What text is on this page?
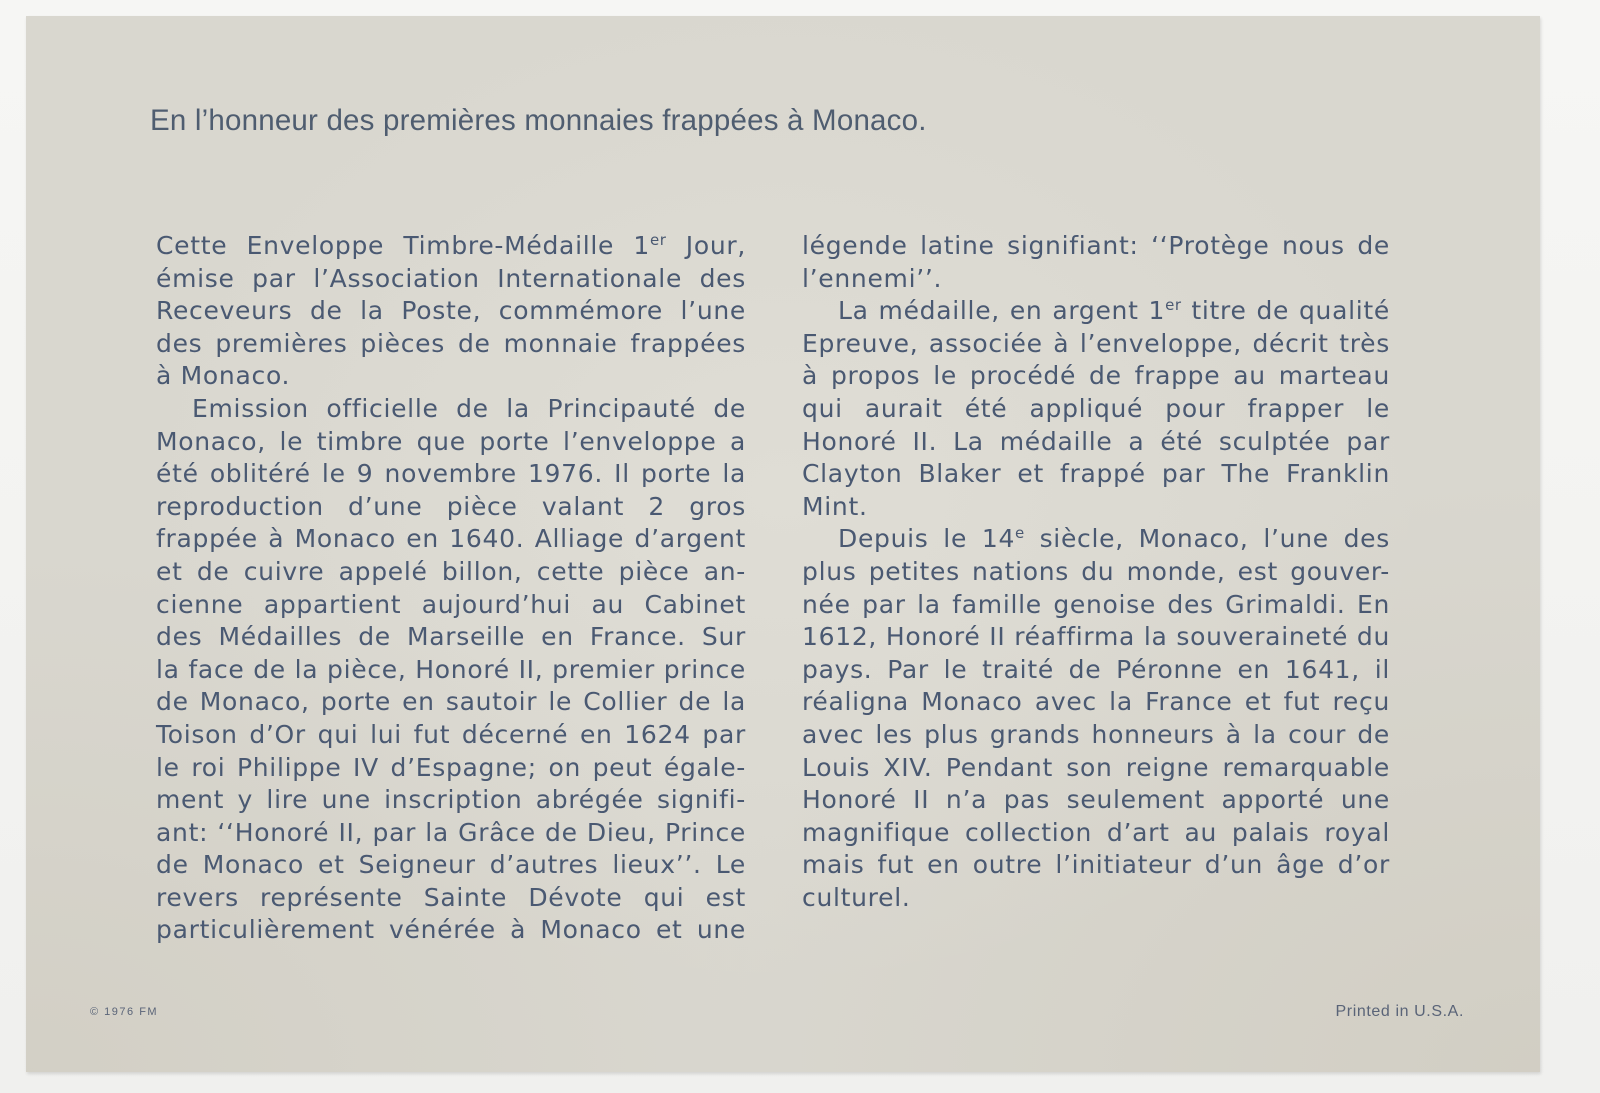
En l’honneur des premières monnaies frappées à Monaco.
Cette Enveloppe Timbre-Médaille 1er Jour,
émise par l’Association Internationale des
Receveurs de la Poste, commémore l’une
des premières pièces de monnaie frappées
à Monaco.
Emission officielle de la Principauté de
Monaco, le timbre que porte l’enveloppe a
été oblitéré le 9 novembre 1976. Il porte la
reproduction d’une pièce valant 2 gros
frappée à Monaco en 1640. Alliage d’argent
et de cuivre appelé billon, cette pièce an-
cienne appartient aujourd’hui au Cabinet
des Médailles de Marseille en France. Sur
la face de la pièce, Honoré II, premier prince
de Monaco, porte en sautoir le Collier de la
Toison d’Or qui lui fut décerné en 1624 par
le roi Philippe IV d’Espagne; on peut égale-
ment y lire une inscription abrégée signifi-
ant: ‘‘Honoré II, par la Grâce de Dieu, Prince
de Monaco et Seigneur d’autres lieux’’. Le
revers représente Sainte Dévote qui est
particulièrement vénérée à Monaco et une
légende latine signifiant: ‘‘Protège nous de
l’ennemi’’.
La médaille, en argent 1er titre de qualité
Epreuve, associée à l’enveloppe, décrit très
à propos le procédé de frappe au marteau
qui aurait été appliqué pour frapper le
Honoré II. La médaille a été sculptée par
Clayton Blaker et frappé par The Franklin
Mint.
Depuis le 14e siècle, Monaco, l’une des
plus petites nations du monde, est gouver-
née par la famille genoise des Grimaldi. En
1612, Honoré II réaffirma la souveraineté du
pays. Par le traité de Péronne en 1641, il
réaligna Monaco avec la France et fut reçu
avec les plus grands honneurs à la cour de
Louis XIV. Pendant son reigne remarquable
Honoré II n’a pas seulement apporté une
magnifique collection d’art au palais royal
mais fut en outre l’initiateur d’un âge d’or
culturel.
© 1976 FM	Printed in U.S.A.
